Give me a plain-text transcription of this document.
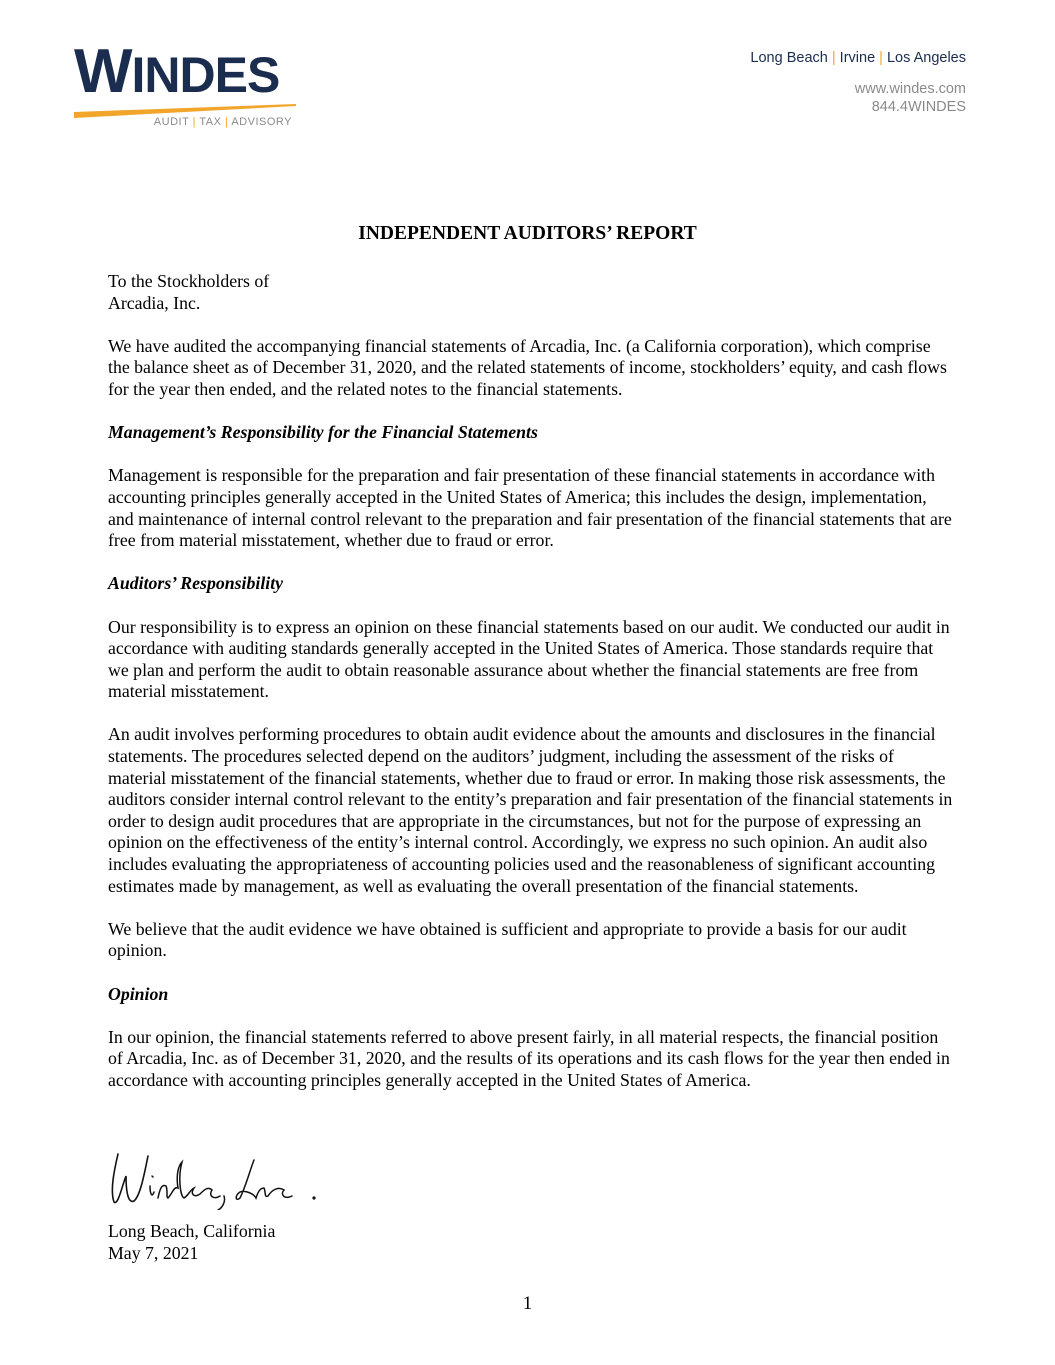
WINDES
AUDIT | TAX | ADVISORY
Long Beach | Irvine | Los Angeles
www.windes.com
844.4WINDES
INDEPENDENT AUDITORS’ REPORT

To the Stockholders of
Arcadia, Inc.

We have audited the accompanying financial statements of Arcadia, Inc. (a California corporation), which comprise the balance sheet as of December 31, 2020, and the related statements of income, stockholders’ equity, and cash flows for the year then ended, and the related notes to the financial statements.

Management’s Responsibility for the Financial Statements

Management is responsible for the preparation and fair presentation of these financial statements in accordance with accounting principles generally accepted in the United States of America; this includes the design, implementation, and maintenance of internal control relevant to the preparation and fair presentation of the financial statements that are free from material misstatement, whether due to fraud or error.

Auditors’ Responsibility

Our responsibility is to express an opinion on these financial statements based on our audit. We conducted our audit in accordance with auditing standards generally accepted in the United States of America. Those standards require that we plan and perform the audit to obtain reasonable assurance about whether the financial statements are free from material misstatement.

An audit involves performing procedures to obtain audit evidence about the amounts and disclosures in the financial statements. The procedures selected depend on the auditors’ judgment, including the assessment of the risks of material misstatement of the financial statements, whether due to fraud or error. In making those risk assessments, the auditors consider internal control relevant to the entity’s preparation and fair presentation of the financial statements in order to design audit procedures that are appropriate in the circumstances, but not for the purpose of expressing an opinion on the effectiveness of the entity’s internal control. Accordingly, we express no such opinion. An audit also includes evaluating the appropriateness of accounting policies used and the reasonableness of significant accounting estimates made by management, as well as evaluating the overall presentation of the financial statements.

We believe that the audit evidence we have obtained is sufficient and appropriate to provide a basis for our audit opinion.

Opinion

In our opinion, the financial statements referred to above present fairly, in all material respects, the financial position of Arcadia, Inc. as of December 31, 2020, and the results of its operations and its cash flows for the year then ended in accordance with accounting principles generally accepted in the United States of America.

Long Beach, California
May 7, 2021
1
